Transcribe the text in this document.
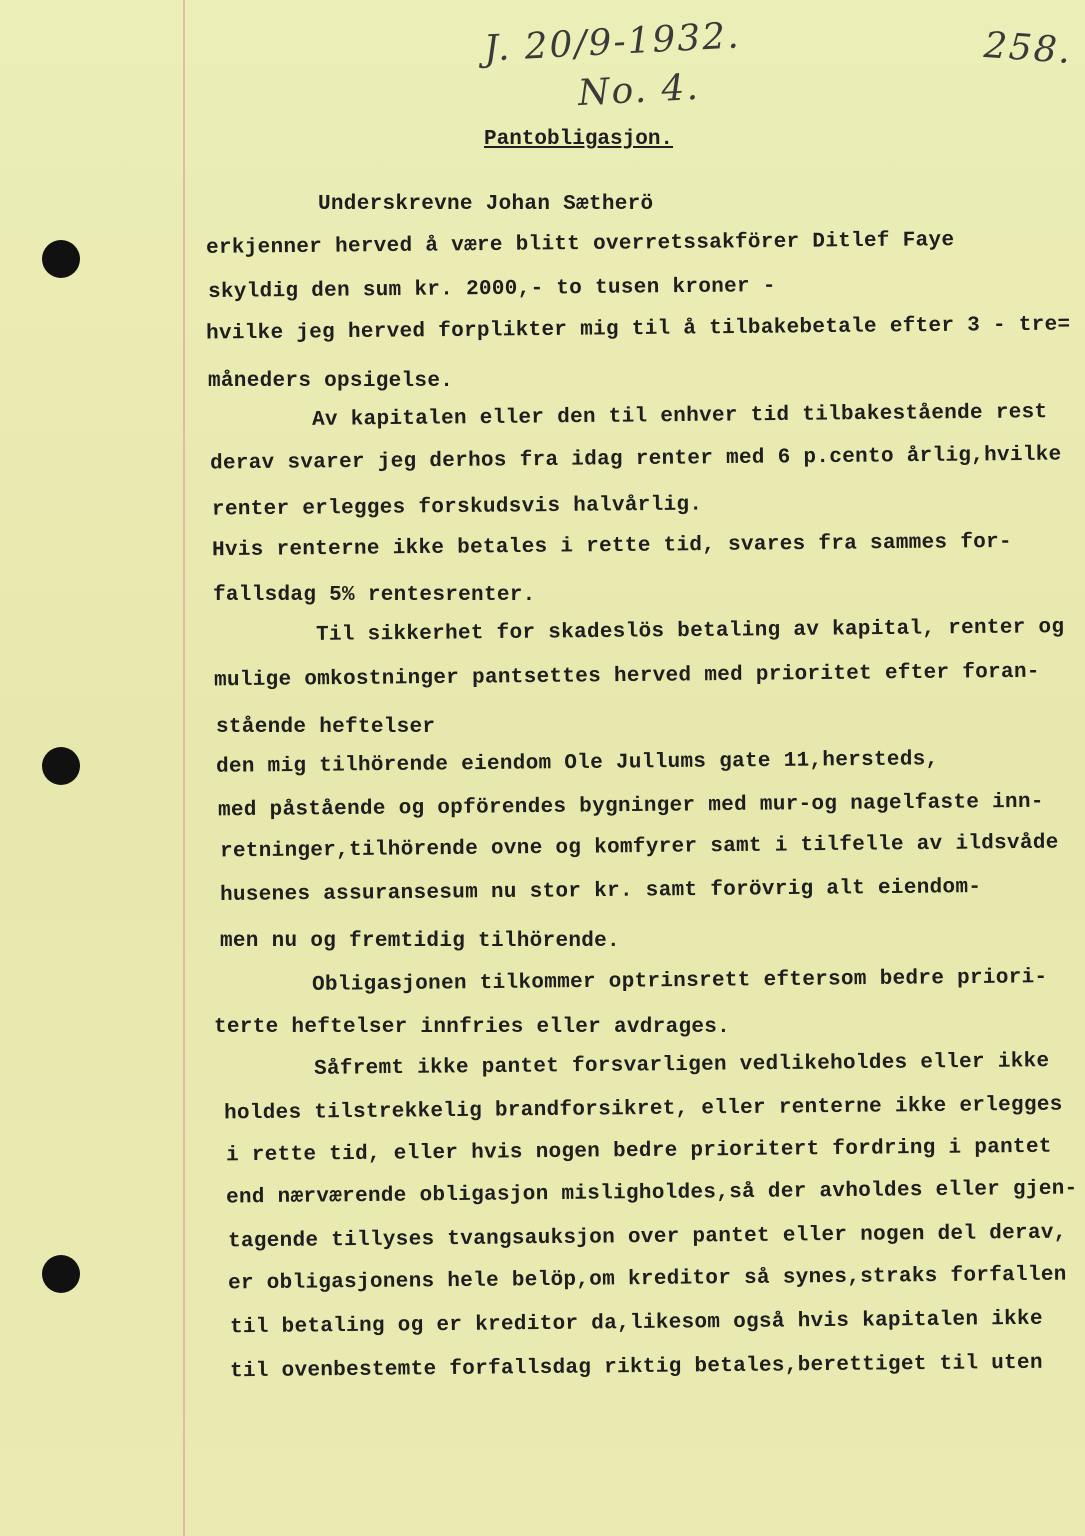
J. 20/9-1932.
No. 4.
258.
Pantobligasjon.
Underskrevne Johan Sætherö
erkjenner herved å være blitt overretssakförer Ditlef Faye
skyldig den sum kr. 2000,- to tusen kroner -
hvilke jeg herved forplikter mig til å tilbakebetale efter 3 - tre=
måneders opsigelse.
Av kapitalen eller den til enhver tid tilbakestående rest
derav svarer jeg derhos fra idag renter med 6 p.cento årlig,hvilke
renter erlegges forskudsvis halvårlig.
Hvis renterne ikke betales i rette tid, svares fra sammes for-
fallsdag 5% rentesrenter.
Til sikkerhet for skadeslös betaling av kapital, renter og
mulige omkostninger pantsettes herved med prioritet efter foran-
stående heftelser
den mig tilhörende eiendom Ole Jullums gate 11,hersteds,
med påstående og opförendes bygninger med mur-og nagelfaste inn-
retninger,tilhörende ovne og komfyrer samt i tilfelle av ildsvåde
husenes assuransesum nu stor kr. samt forövrig alt eiendom-
men nu og fremtidig tilhörende.
Obligasjonen tilkommer optrinsrett eftersom bedre priori-
terte heftelser innfries eller avdrages.
Såfremt ikke pantet forsvarligen vedlikeholdes eller ikke
holdes tilstrekkelig brandforsikret, eller renterne ikke erlegges
i rette tid, eller hvis nogen bedre prioritert fordring i pantet
end nærværende obligasjon misligholdes,så der avholdes eller gjen-
tagende tillyses tvangsauksjon over pantet eller nogen del derav,
er obligasjonens hele belöp,om kreditor så synes,straks forfallen
til betaling og er kreditor da,likesom også hvis kapitalen ikke
til ovenbestemte forfallsdag riktig betales,berettiget til uten
